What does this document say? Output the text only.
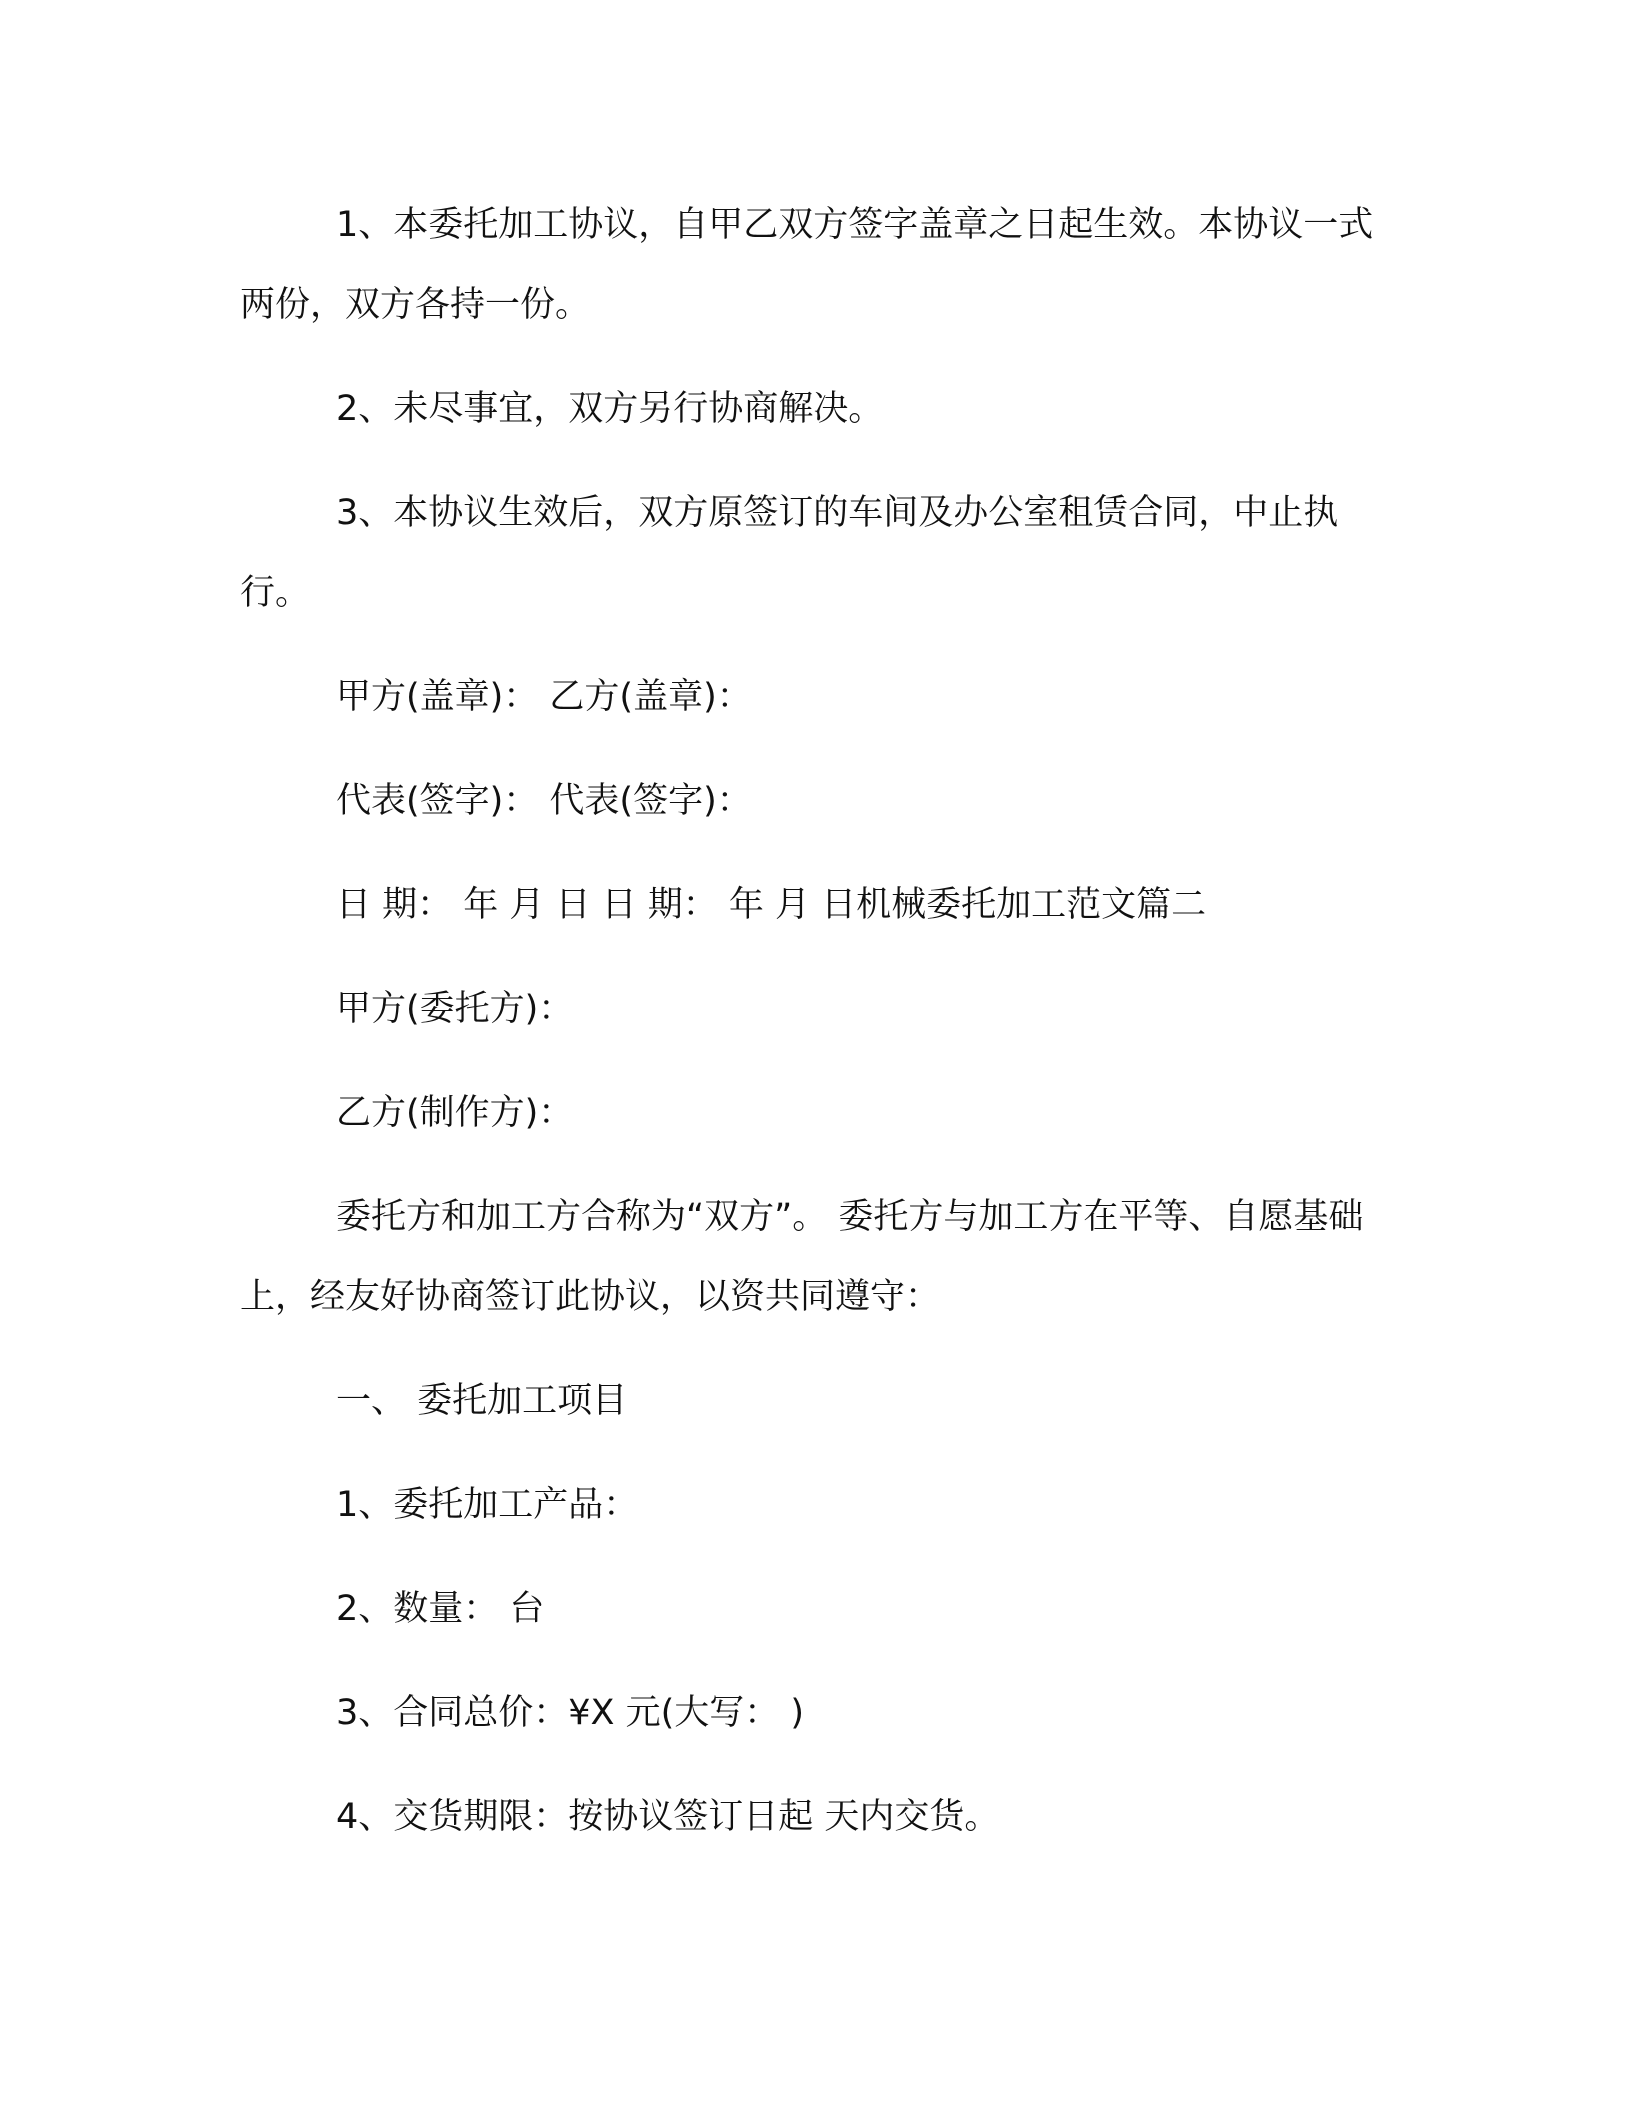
1、本委托加工协议，自甲乙双方签字盖章之日起生效。本协议一式两份，双方各持一份。

2、未尽事宜，双方另行协商解决。

3、本协议生效后，双方原签订的车间及办公室租赁合同，中止执行。

甲方(盖章)： 乙方(盖章)：

代表(签字)： 代表(签字)：

日 期： 年 月 日 日 期： 年 月 日机械委托加工范文篇二

甲方(委托方)：

乙方(制作方)：

委托方和加工方合称为“双方”。 委托方与加工方在平等、自愿基础上，经友好协商签订此协议，以资共同遵守：

一、 委托加工项目

1、委托加工产品：

2、数量： 台

3、合同总价：¥X 元(大写： )

4、交货期限：按协议签订日起 天内交货。
